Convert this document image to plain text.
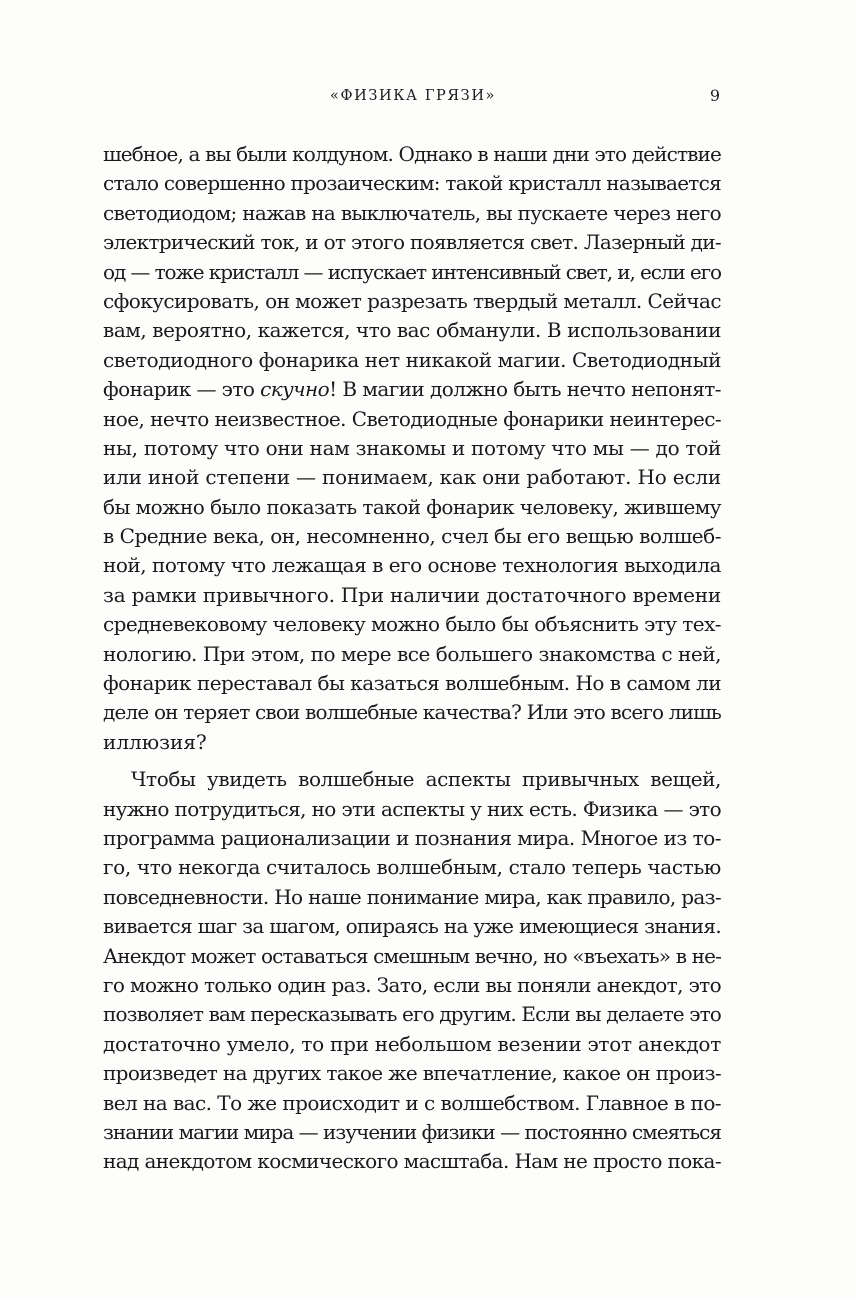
«ФИЗИКА ГРЯЗИ»	9
шебное, а вы были колдуном. Однако в наши дни это действие
стало совершенно прозаическим: такой кристалл называется
светодиодом; нажав на выключатель, вы пускаете через него
электрический ток, и от этого появляется свет. Лазерный ди-
од — тоже кристалл — испускает интенсивный свет, и, если его
сфокусировать, он может разрезать твердый металл. Сейчас
вам, вероятно, кажется, что вас обманули. В использовании
светодиодного фонарика нет никакой магии. Светодиодный
фонарик — это скучно! В магии должно быть нечто непонят-
ное, нечто неизвестное. Светодиодные фонарики неинтерес-
ны, потому что они нам знакомы и потому что мы — до той
или иной степени — понимаем, как они работают. Но если
бы можно было показать такой фонарик человеку, жившему
в Средние века, он, несомненно, счел бы его вещью волшеб-
ной, потому что лежащая в его основе технология выходила
за рамки привычного. При наличии достаточного времени
средневековому человеку можно было бы объяснить эту тех-
нологию. При этом, по мере все большего знакомства с ней,
фонарик переставал бы казаться волшебным. Но в самом ли
деле он теряет свои волшебные качества? Или это всего лишь
иллюзия?
Чтобы увидеть волшебные аспекты привычных вещей,
нужно потрудиться, но эти аспекты у них есть. Физика — это
программа рационализации и познания мира. Многое из то-
го, что некогда считалось волшебным, стало теперь частью
повседневности. Но наше понимание мира, как правило, раз-
вивается шаг за шагом, опираясь на уже имеющиеся знания.
Анекдот может оставаться смешным вечно, но «въехать» в не-
го можно только один раз. Зато, если вы поняли анекдот, это
позволяет вам пересказывать его другим. Если вы делаете это
достаточно умело, то при небольшом везении этот анекдот
произведет на других такое же впечатление, какое он произ-
вел на вас. То же происходит и с волшебством. Главное в по-
знании магии мира — изучении физики — постоянно смеяться
над анекдотом космического масштаба. Нам не просто пока-
